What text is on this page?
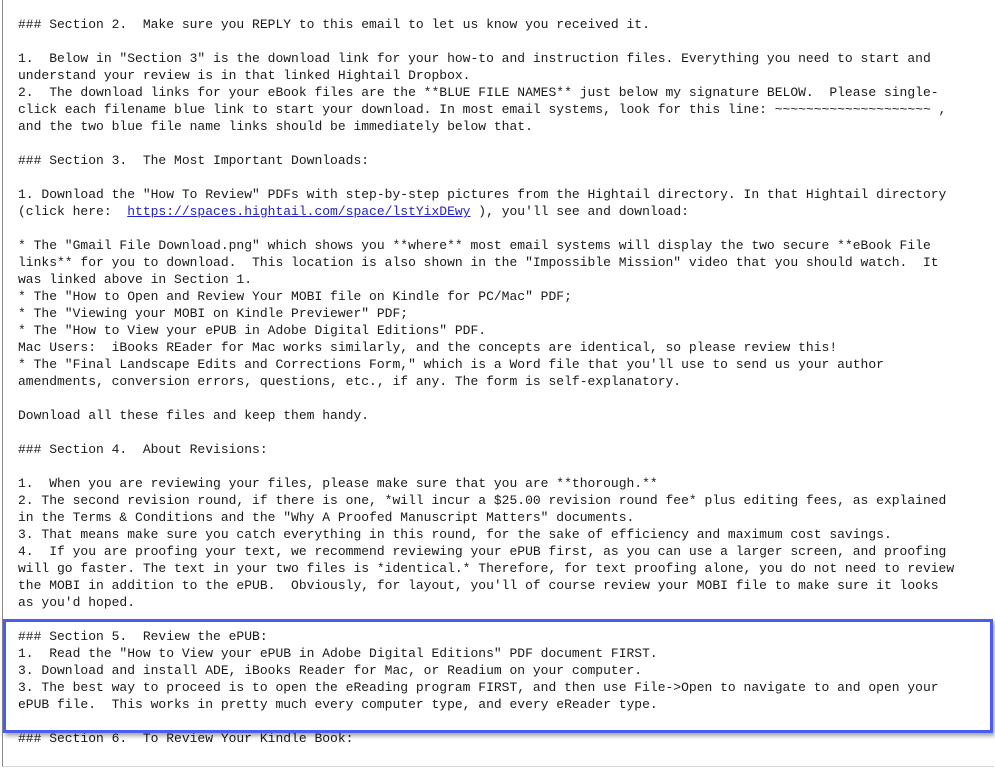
### Section 2.  Make sure you REPLY to this email to let us know you received it.
1.  Below in "Section 3" is the download link for your how-to and instruction files. Everything you need to start and
understand your review is in that linked Hightail Dropbox.
2.  The download links for your eBook files are the **BLUE FILE NAMES** just below my signature BELOW.  Please single-
click each filename blue link to start your download. In most email systems, look for this line: ~~~~~~~~~~~~~~~~~~~~ ,
and the two blue file name links should be immediately below that.
### Section 3.  The Most Important Downloads:
1. Download the "How To Review" PDFs with step-by-step pictures from the Hightail directory. In that Hightail directory
(click here:  https://spaces.hightail.com/space/lstYixDEwy ), you'll see and download:
* The "Gmail File Download.png" which shows you **where** most email systems will display the two secure **eBook File
links** for you to download.  This location is also shown in the "Impossible Mission" video that you should watch.  It
was linked above in Section 1.
* The "How to Open and Review Your MOBI file on Kindle for PC/Mac" PDF;
* The "Viewing your MOBI on Kindle Previewer" PDF;
* The "How to View your ePUB in Adobe Digital Editions" PDF.
Mac Users:  iBooks REader for Mac works similarly, and the concepts are identical, so please review this!
* The "Final Landscape Edits and Corrections Form," which is a Word file that you'll use to send us your author
amendments, conversion errors, questions, etc., if any. The form is self-explanatory.
Download all these files and keep them handy.
### Section 4.  About Revisions:
1.  When you are reviewing your files, please make sure that you are **thorough.**
2. The second revision round, if there is one, *will incur a $25.00 revision round fee* plus editing fees, as explained
in the Terms & Conditions and the "Why A Proofed Manuscript Matters" documents.
3. That means make sure you catch everything in this round, for the sake of efficiency and maximum cost savings.
4.  If you are proofing your text, we recommend reviewing your ePUB first, as you can use a larger screen, and proofing
will go faster. The text in your two files is *identical.* Therefore, for text proofing alone, you do not need to review
the MOBI in addition to the ePUB.  Obviously, for layout, you'll of course review your MOBI file to make sure it looks
as you'd hoped.
### Section 5.  Review the ePUB:
1.  Read the "How to View your ePUB in Adobe Digital Editions" PDF document FIRST.
3. Download and install ADE, iBooks Reader for Mac, or Readium on your computer.
3. The best way to proceed is to open the eReading program FIRST, and then use File->Open to navigate to and open your
ePUB file.  This works in pretty much every computer type, and every eReader type.
### Section 6.  To Review Your Kindle Book:
